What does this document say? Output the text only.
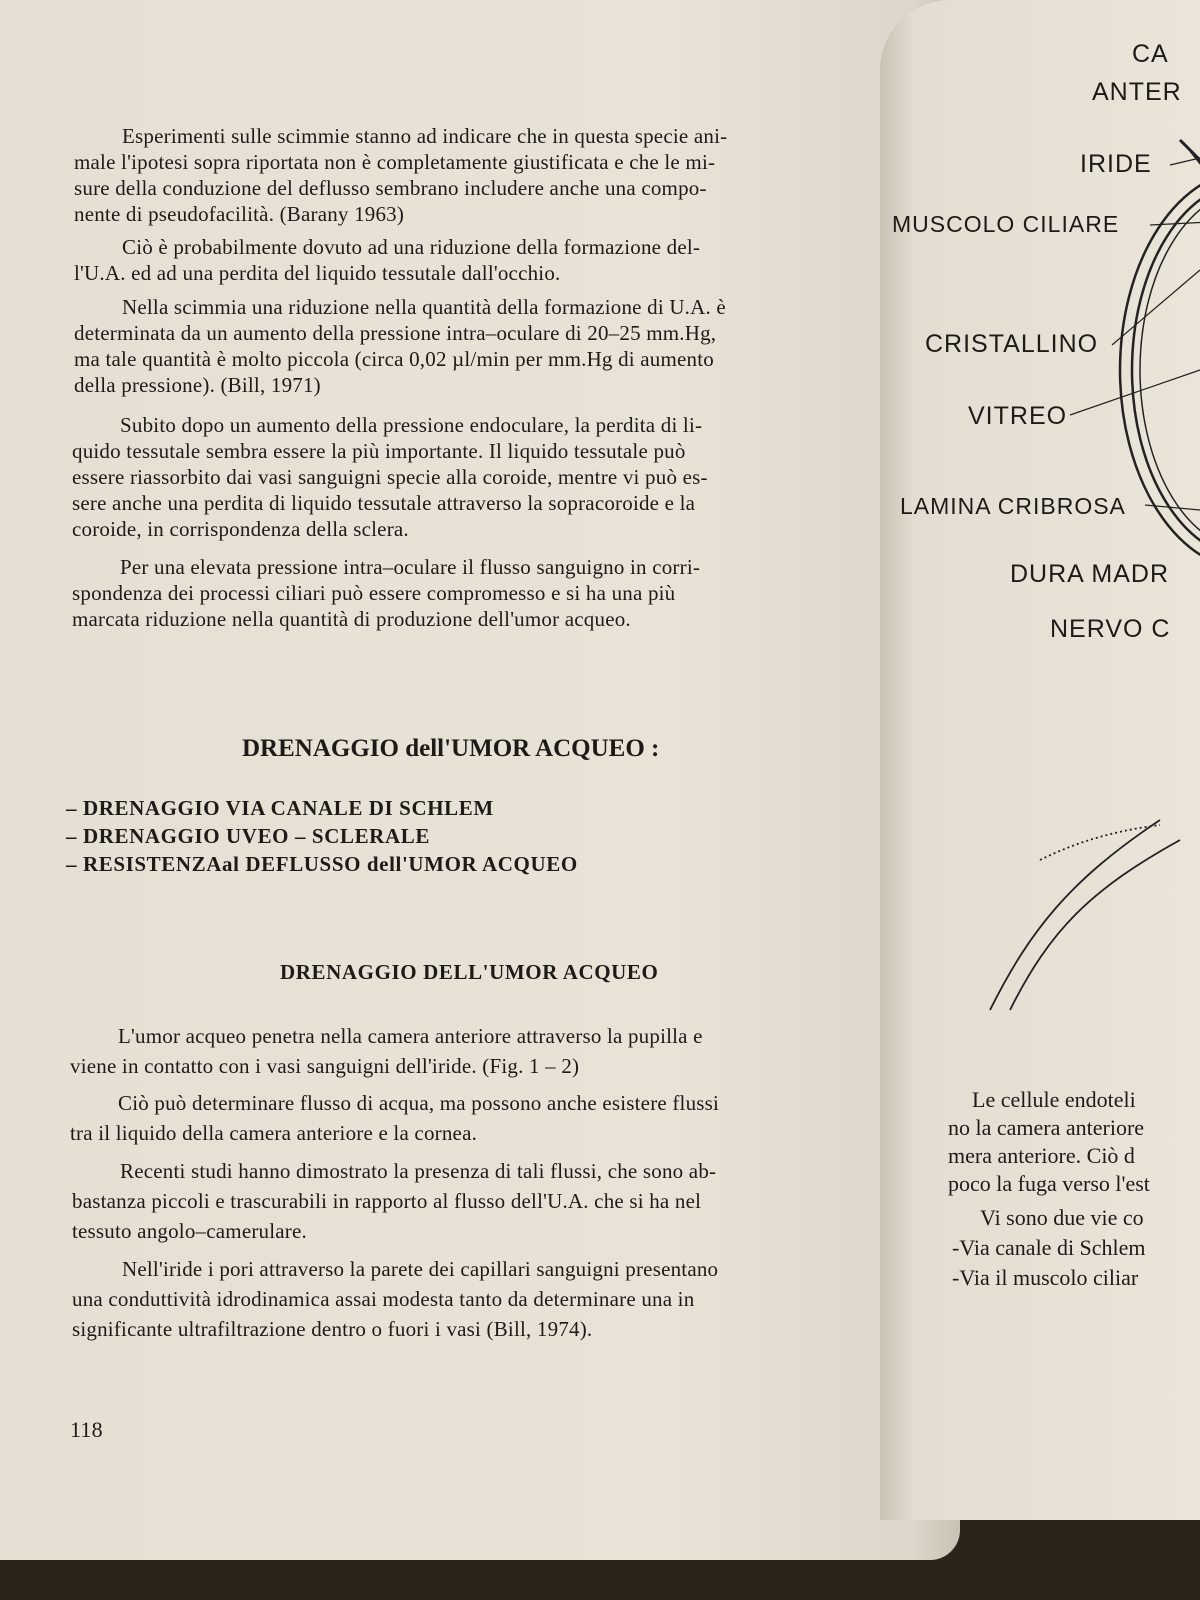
Esperimenti sulle scimmie stanno ad indicare che in questa specie ani-
male l'ipotesi sopra riportata non è completamente giustificata e che le mi-
sure della conduzione del deflusso sembrano includere anche una compo-
nente di pseudofacilità. (Barany 1963)
Ciò è probabilmente dovuto ad una riduzione della formazione del-
l'U.A. ed ad una perdita del liquido tessutale dall'occhio.
Nella scimmia una riduzione nella quantità della formazione di U.A. è
determinata da un aumento della pressione intra–oculare di 20–25 mm.Hg,
ma tale quantità è molto piccola (circa 0,02 µl/min per mm.Hg di aumento
della pressione). (Bill, 1971)
Subito dopo un aumento della pressione endoculare, la perdita di li-
quido tessutale sembra essere la più importante. Il liquido tessutale può
essere riassorbito dai vasi sanguigni specie alla coroide, mentre vi può es-
sere anche una perdita di liquido tessutale attraverso la sopracoroide e la
coroide, in corrispondenza della sclera.
Per una elevata pressione intra–oculare il flusso sanguigno in corri-
spondenza dei processi ciliari può essere compromesso e si ha una più
marcata riduzione nella quantità di produzione dell'umor acqueo.
DRENAGGIO dell'UMOR ACQUEO :
– DRENAGGIO VIA CANALE DI SCHLEM
– DRENAGGIO UVEO – SCLERALE
– RESISTENZAal DEFLUSSO dell'UMOR ACQUEO
DRENAGGIO DELL'UMOR ACQUEO
L'umor acqueo penetra nella camera anteriore attraverso la pupilla e
viene in contatto con i vasi sanguigni dell'iride. (Fig. 1 – 2)
Ciò può determinare flusso di acqua, ma possono anche esistere flussi
tra il liquido della camera anteriore e la cornea.
Recenti studi hanno dimostrato la presenza di tali flussi, che sono ab-
bastanza piccoli e trascurabili in rapporto al flusso dell'U.A. che si ha nel
tessuto angolo–camerulare.
Nell'iride i pori attraverso la parete dei capillari sanguigni presentano
una conduttività idrodinamica assai modesta tanto da determinare una in
significante ultrafiltrazione dentro o fuori i vasi (Bill, 1974).
118
CA
ANTER
IRIDE
MUSCOLO CILIARE
CRISTALLINO
VITREO
LAMINA CRIBROSA
DURA MADR
NERVO C
Le cellule endoteli
no la camera anteriore
mera anteriore. Ciò d
poco la fuga verso l'est
Vi sono due vie co
-Via canale di Schlem
-Via il muscolo ciliar
